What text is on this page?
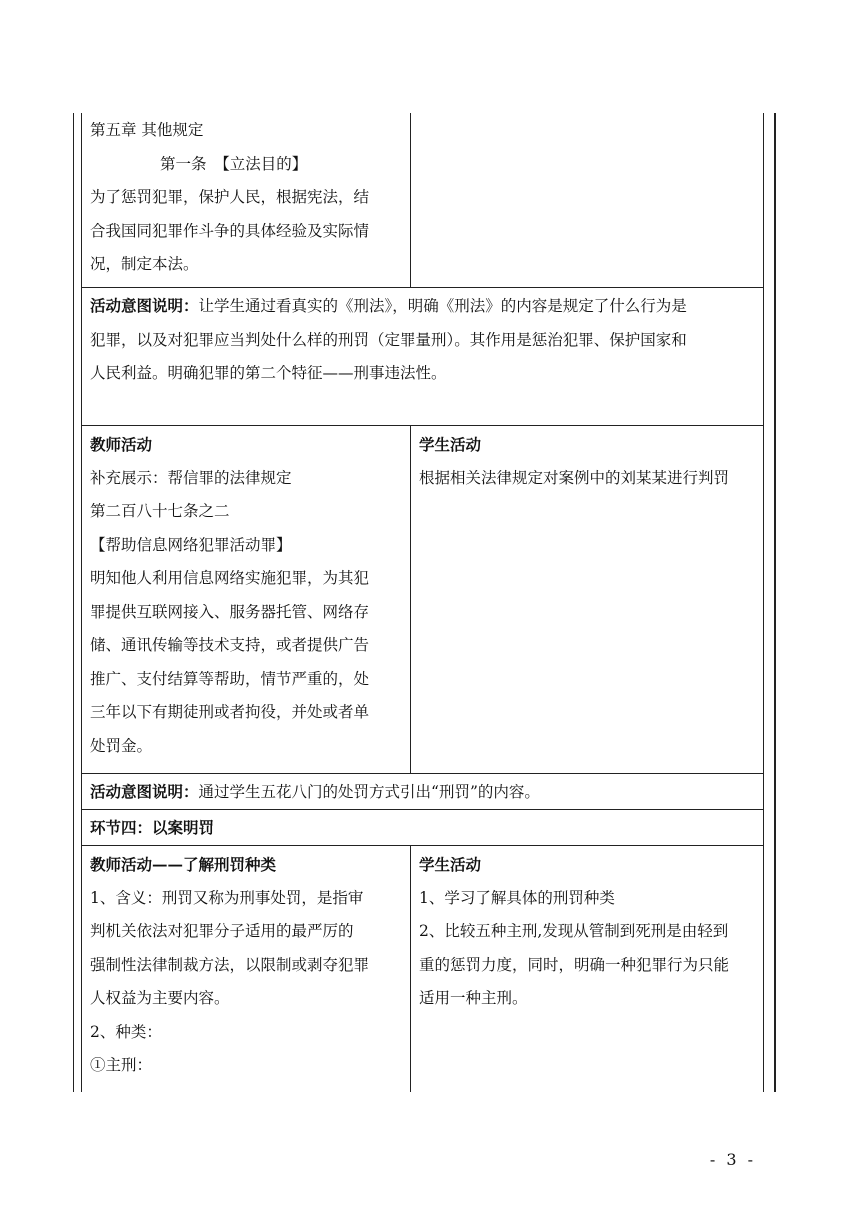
第五章 其他规定

第一条　【立法目的】

为了惩罚犯罪，保护人民，根据宪法，结

合我国同犯罪作斗争的具体经验及实际情

况，制定本法。

活动意图说明：让学生通过看真实的《刑法》，明确《刑法》的内容是规定了什么行为是

犯罪，以及对犯罪应当判处什么样的刑罚（定罪量刑）。其作用是惩治犯罪、保护国家和

人民利益。明确犯罪的第二个特征——刑事违法性。

教师活动

补充展示：帮信罪的法律规定

第二百八十七条之二

【帮助信息网络犯罪活动罪】

明知他人利用信息网络实施犯罪，为其犯

罪提供互联网接入、服务器托管、网络存

储、通讯传输等技术支持，或者提供广告

推广、支付结算等帮助，情节严重的，处

三年以下有期徒刑或者拘役，并处或者单

处罚金。

学生活动

根据相关法律规定对案例中的刘某某进行判罚

活动意图说明：通过学生五花八门的处罚方式引出“刑罚”的内容。

环节四：以案明罚

教师活动——了解刑罚种类

1、含义：刑罚又称为刑事处罚，是指审

判机关依法对犯罪分子适用的最严厉的

强制性法律制裁方法，以限制或剥夺犯罪

人权益为主要内容。

2、种类：

①主刑：

学生活动

1、学习了解具体的刑罚种类

2、比较五种主刑,发现从管制到死刑是由轻到

重的惩罚力度，同时，明确一种犯罪行为只能

适用一种主刑。

- 3 -
